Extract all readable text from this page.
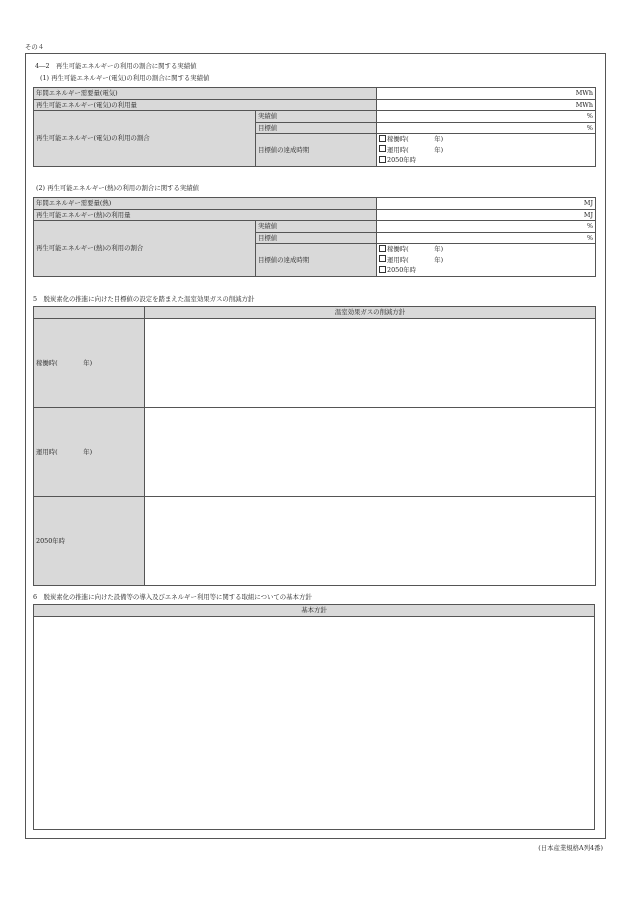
その４
4―2　再生可能エネルギーの利用の割合に関する実績値
(1) 再生可能エネルギー(電気)の利用の割合に関する実績値
年間エネルギー需要量(電気)		MWh
再生可能エネルギー(電気)の利用量		MWh
再生可能エネルギー(電気)の利用の割合	実績値	%
	目標値	%
	目標値の達成時期	稼働時(　　　　年)
		運用時(　　　　年)
		2050年時
(2) 再生可能エネルギー(熱)の利用の割合に関する実績値
年間エネルギー需要量(熱)		MJ
再生可能エネルギー(熱)の利用量		MJ
再生可能エネルギー(熱)の利用の割合	実績値	%
	目標値	%
	目標値の達成時期	稼働時(　　　　年)
		運用時(　　　　年)
		2050年時
5　脱炭素化の推進に向けた目標値の設定を踏まえた温室効果ガスの削減方針
	温室効果ガスの削減方針
稼働時(　　　　年)	
運用時(　　　　年)	
2050年時	
6　脱炭素化の推進に向けた設備等の導入及びエネルギー利用等に関する取組についての基本方針
基本方針

(日本産業規格A列4番)
